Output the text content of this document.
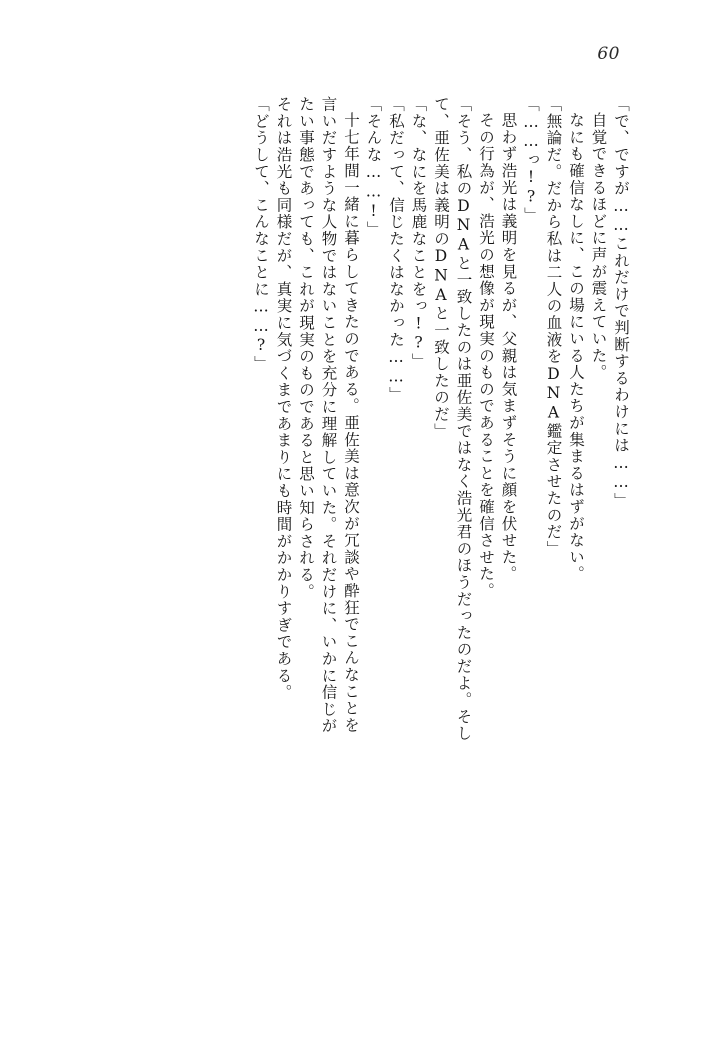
60
「で、ですが……これだけで判断するわけには……」
自覚できるほどに声が震えていた。
なにも確信なしに、この場にいる人たちが集まるはずがない。
「無論だ。だから私は二人の血液をDNA鑑定させたのだ」
「……っ!?」
思わず浩光は義明を見るが、父親は気まずそうに顔を伏せた。
その行為が、浩光の想像が現実のものであることを確信させた。
「そう、私のDNAと一致したのは亜佐美ではなく浩光君のほうだったのだよ。そし
て、亜佐美は義明のDNAと一致したのだ」
「な、なにを馬鹿なことをっ!?」
「私だって、信じたくはなかった……」
「そんな……!」
十七年間一緒に暮らしてきたのである。亜佐美は意次が冗談や酔狂でこんなことを
言いだすような人物ではないことを充分に理解していた。それだけに、いかに信じが
たい事態であっても、これが現実のものであると思い知らされる。
それは浩光も同様だが、真実に気づくまであまりにも時間がかかりすぎである。
「どうして、こんなことに……?」
